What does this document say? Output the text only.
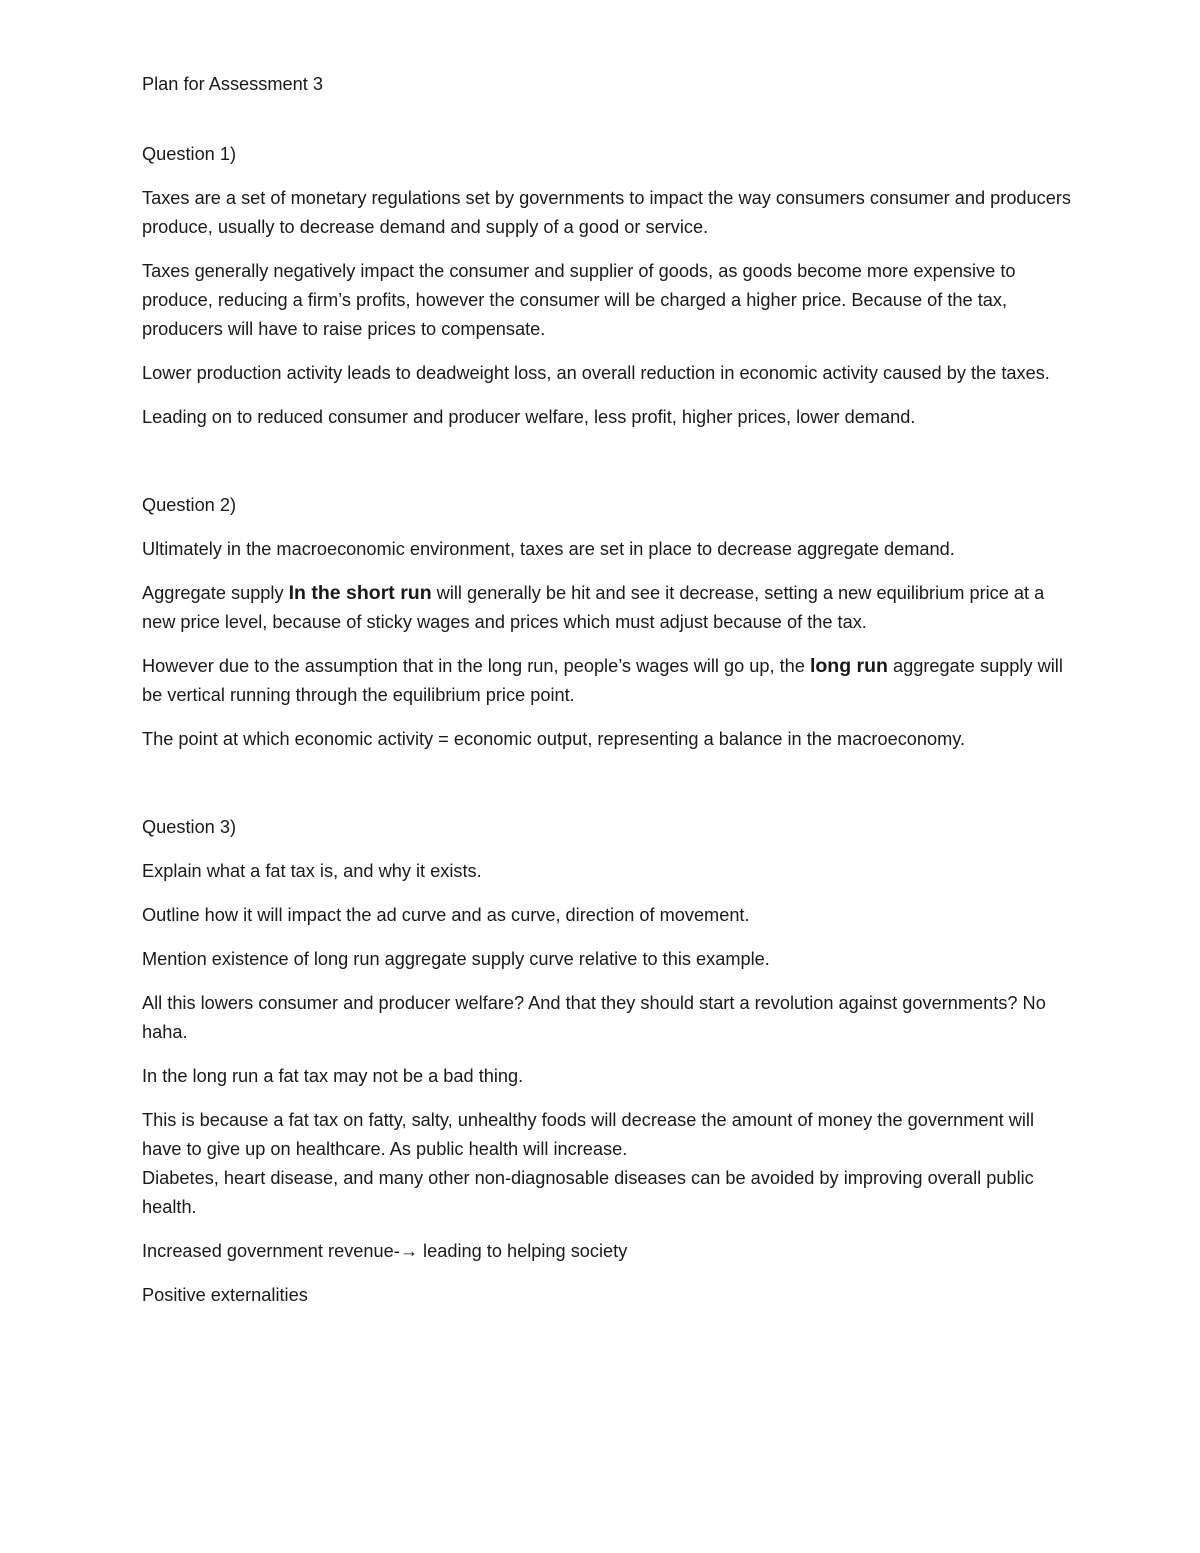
Plan for Assessment 3

Question 1)

Taxes are a set of monetary regulations set by governments to impact the way consumers consumer and producers produce, usually to decrease demand and supply of a good or service.

Taxes generally negatively impact the consumer and supplier of goods, as goods become more expensive to produce, reducing a firm’s profits, however the consumer will be charged a higher price. Because of the tax, producers will have to raise prices to compensate.

Lower production activity leads to deadweight loss, an overall reduction in economic activity caused by the taxes.

Leading on to reduced consumer and producer welfare, less profit, higher prices, lower demand.

Question 2)

Ultimately in the macroeconomic environment, taxes are set in place to decrease aggregate demand.

Aggregate supply In the short run will generally be hit and see it decrease, setting a new equilibrium price at a new price level, because of sticky wages and prices which must adjust because of the tax.

However due to the assumption that in the long run, people’s wages will go up, the long run aggregate supply will be vertical running through the equilibrium price point.

The point at which economic activity = economic output, representing a balance in the macroeconomy.

Question 3)

Explain what a fat tax is, and why it exists.

Outline how it will impact the ad curve and as curve, direction of movement.

Mention existence of long run aggregate supply curve relative to this example.

All this lowers consumer and producer welfare? And that they should start a revolution against governments? No haha.

In the long run a fat tax may not be a bad thing.

This is because a fat tax on fatty, salty, unhealthy foods will decrease the amount of money the government will have to give up on healthcare. As public health will increase.

Diabetes, heart disease, and many other non-diagnosable diseases can be avoided by improving overall public health.

Increased government revenue-→ leading to helping society

Positive externalities
